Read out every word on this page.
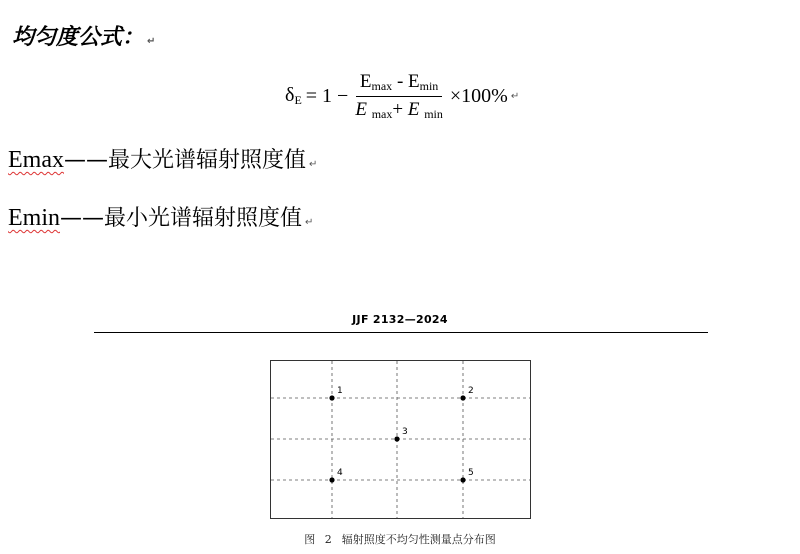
均匀度公式： ↵
$\delta_E = 1 - \frac{E_{max} - E_{min}}{E _{max}+ E _{min}} \times 100\%$ ↵
Emax——最大光谱辐射照度值 ↵
Emin——最小光谱辐射照度值 ↵
JJF 2132—2024
1	2
3
4	5
图 2 辐射照度不均匀性测量点分布图
